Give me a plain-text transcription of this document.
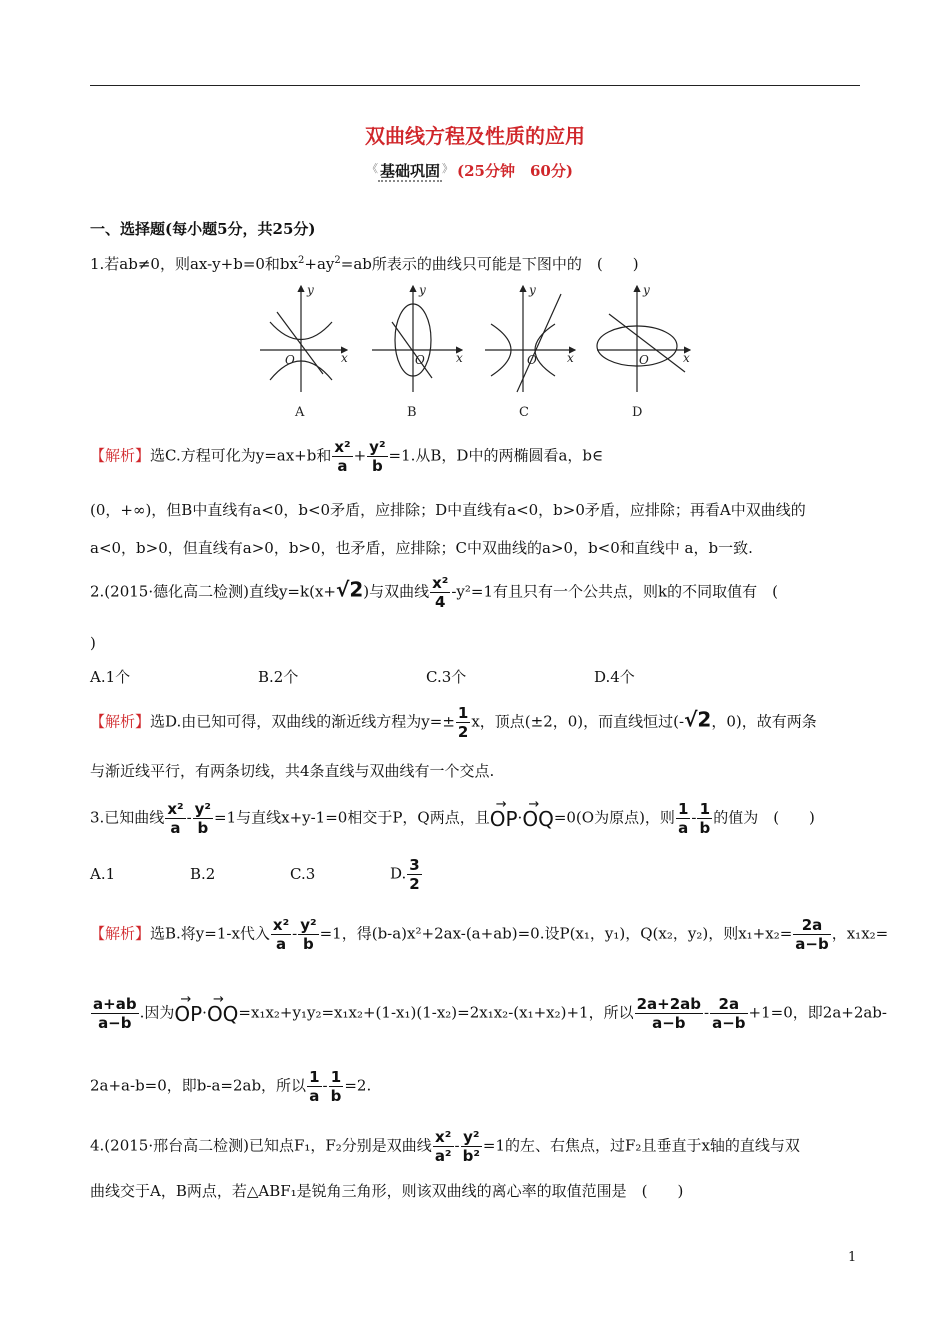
双曲线方程及性质的应用
《 基础巩固 》 (25分钟　60分)
一、选择题(每小题5分，共25分)
1.若ab≠0，则ax-y+b=0和$bx^2+ay^2=ab$所表示的曲线只可能是下图中的　(　　)
y
x
O
y
x
O
y
x
O
y
x
O
A	B	C	D
【解析】选C.方程可化为y=ax+b和 $\frac{\text{x²}}{a} + \frac{\text{y²}}{b} =1$.从B，D中的两椭圆看a，b∈
(0，+∞)，但B中直线有a<0，b<0矛盾，应排除；D中直线有a<0，b>0矛盾，应排除；再看A中双曲线的
a<0，b>0，但直线有a>0，b>0，也矛盾，应排除；C中双曲线的a>0，b<0和直线中 a，b一致.
2.(2015·德化高二检测)直线y=k(x+√2)与双曲线 $\frac{\text{x²}}{4} -y^2=1$有且只有一个公共点，则k的不同取值有　(
)
A.1个	B.2个	C.3个	D.4个
【解析】选D.由已知可得，双曲线的渐近线方程为$y=\pm \frac{1}{2}$ x，顶点(±2，0)，而直线恒过(-√2，0)，故有两条
与渐近线平行，有两条切线，共4条直线与双曲线有一个交点.
3.已知曲线 $\frac{\text{x²}}{a} - \frac{\text{y²}}{b} =1$与直线x+y-1=0相交于P，Q两点，且→ OP·→ OQ=0(O为原点)，则 $\frac{1}{a} - \frac{1}{b}$ 的值为　(　　)
A.1	B.2	C.3	D. $\frac{3}{2}$
【解析】选B.将y=1-x代入 $\frac{\text{x²}}{a} - \frac{\text{y²}}{b} =1$，得(b-a)x²+2ax-(a+ab)=0.设P(x₁，y₁)，Q(x₂，y₂)，则$x_1+x_2= \frac{2a}{a-b}$ ，x₁x₂=
$\frac{a+ab}{a-b}$ .因为→ OP·→ OQ=x₁x₂+y₁y₂=x₁x₂+(1-x₁)(1-x₂)=2x₁x₂-(x₁+x₂)+1，所以 $\frac{2a+2ab}{a-b} - \frac{2a}{a-b} +1=0$，即2a+2ab-
2a+a-b=0，即b-a=2ab，所以 $\frac{1}{a} - \frac{1}{b} =2$.
4.(2015·邢台高二检测)已知点F₁，F₂分别是双曲线 $\frac{\text{x²}}{\text{a²}} - \frac{\text{y²}}{\text{b²}} =1$的左、右焦点，过F₂且垂直于x轴的直线与双
曲线交于A，B两点，若△ABF₁是锐角三角形，则该双曲线的离心率的取值范围是　(　　)
1
